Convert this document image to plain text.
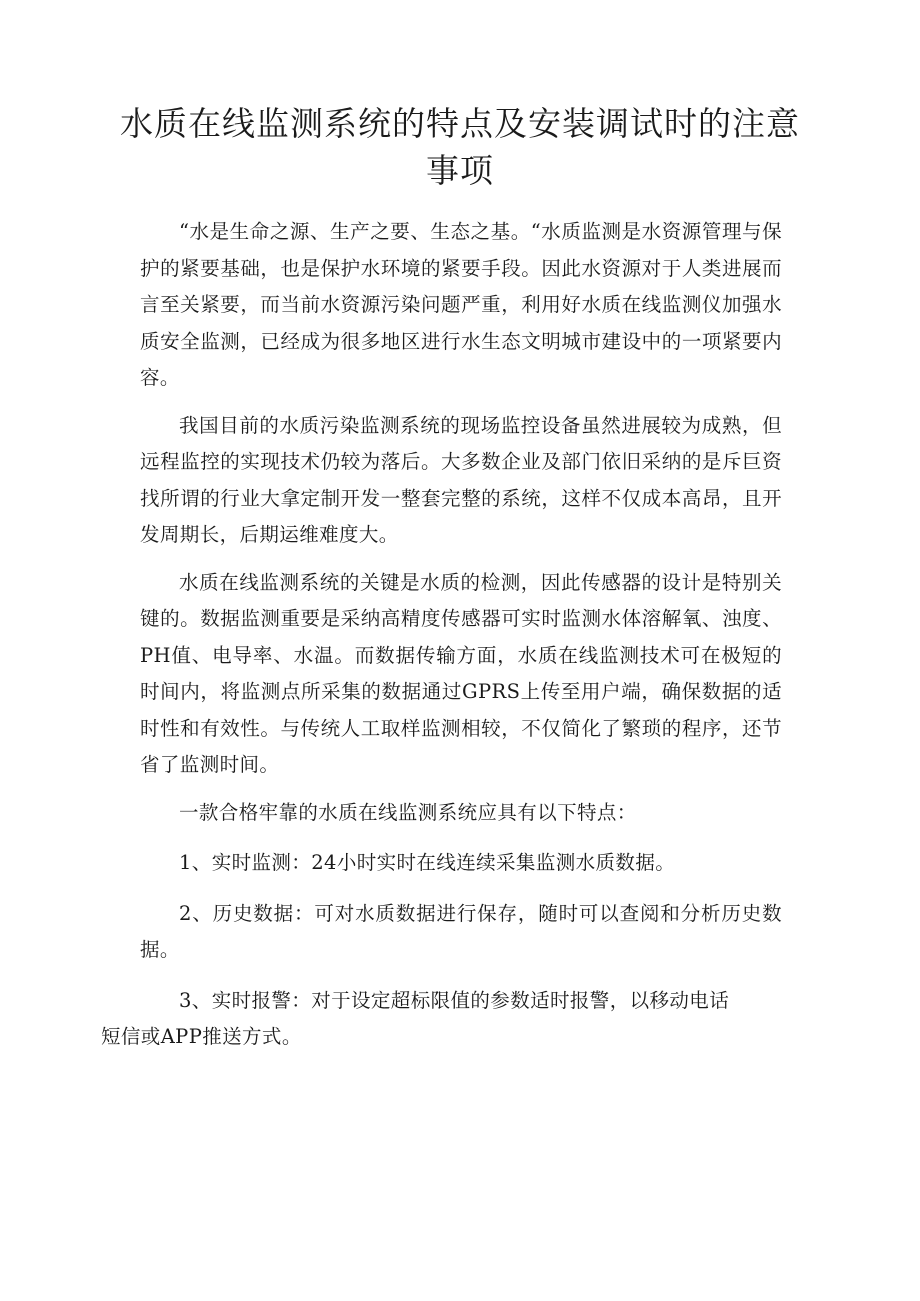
水质在线监测系统的特点及安装调试时的注意事项

“水是生命之源、生产之要、生态之基。“水质监测是水资源管理与保护的紧要基础，也是保护水环境的紧要手段。因此水资源对于人类进展而言至关紧要，而当前水资源污染问题严重，利用好水质在线监测仪加强水质安全监测，已经成为很多地区进行水生态文明城市建设中的一项紧要内容。

我国目前的水质污染监测系统的现场监控设备虽然进展较为成熟，但远程监控的实现技术仍较为落后。大多数企业及部门依旧采纳的是斥巨资找所谓的行业大拿定制开发一整套完整的系统，这样不仅成本高昂，且开发周期长，后期运维难度大。

水质在线监测系统的关键是水质的检测，因此传感器的设计是特别关键的。数据监测重要是采纳高精度传感器可实时监测水体溶解氧、浊度、PH值、电导率、水温。而数据传输方面，水质在线监测技术可在极短的时间内，将监测点所采集的数据通过GPRS上传至用户端，确保数据的适时性和有效性。与传统人工取样监测相较，不仅简化了繁琐的程序，还节省了监测时间。

一款合格牢靠的水质在线监测系统应具有以下特点：

1、实时监测：24小时实时在线连续采集监测水质数据。

2、历史数据：可对水质数据进行保存，随时可以查阅和分析历史数据。

3、实时报警：对于设定超标限值的参数适时报警，以移动电话
短信或APP推送方式。
